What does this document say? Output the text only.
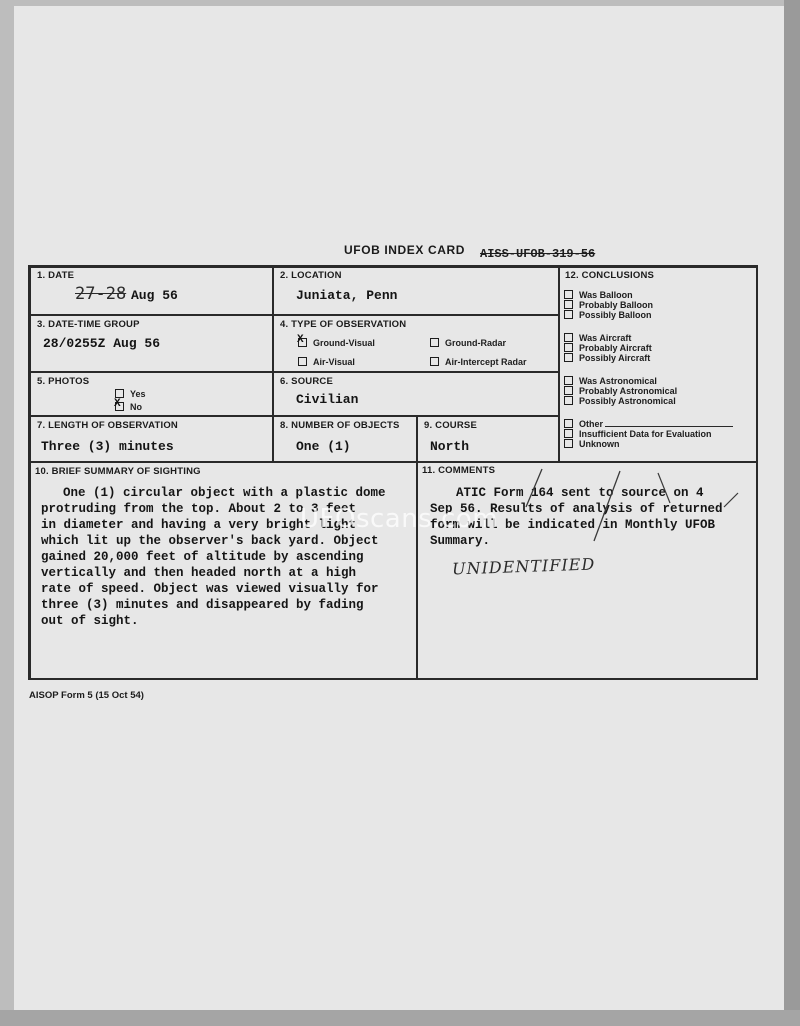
UFOB INDEX CARD AISS-UFOB-319-56
1. DATE
27-28 Aug 56
2. LOCATION
Juniata, Penn
3. DATE-TIME GROUP
28/0255Z Aug 56
4. TYPE OF OBSERVATION
XGround-Visual	Ground-Radar
Air-Visual	Air-Intercept Radar
5. PHOTOS
Yes
XNo
6. SOURCE
Civilian
7. LENGTH OF OBSERVATION
Three (3) minutes
8. NUMBER OF OBJECTS
One (1)
9. COURSE
North
12. CONCLUSIONS
Was Balloon
Probably Balloon
Possibly Balloon
Was Aircraft
Probably Aircraft
Possibly Aircraft
Was Astronomical
Probably Astronomical
Possibly Astronomical
Other
Insufficient Data for Evaluation
Unknown
10. BRIEF SUMMARY OF SIGHTING
One (1) circular object with a plastic dome
protruding from the top. About 2 to 3 feet
in diameter and having a very bright light
which lit up the observer's back yard. Object
gained 20,000 feet of altitude by ascending
vertically and then headed north at a high
rate of speed. Object was viewed visually for
three (3) minutes and disappeared by fading
out of sight.
11. COMMENTS
ATIC Form 164 sent to source on 4
Sep 56. Results of analysis of returned
form will be indicated in Monthly UFOB
Summary.
UNIDENTIFIED
UFOscans.com
AISOP Form 5 (15 Oct 54)
